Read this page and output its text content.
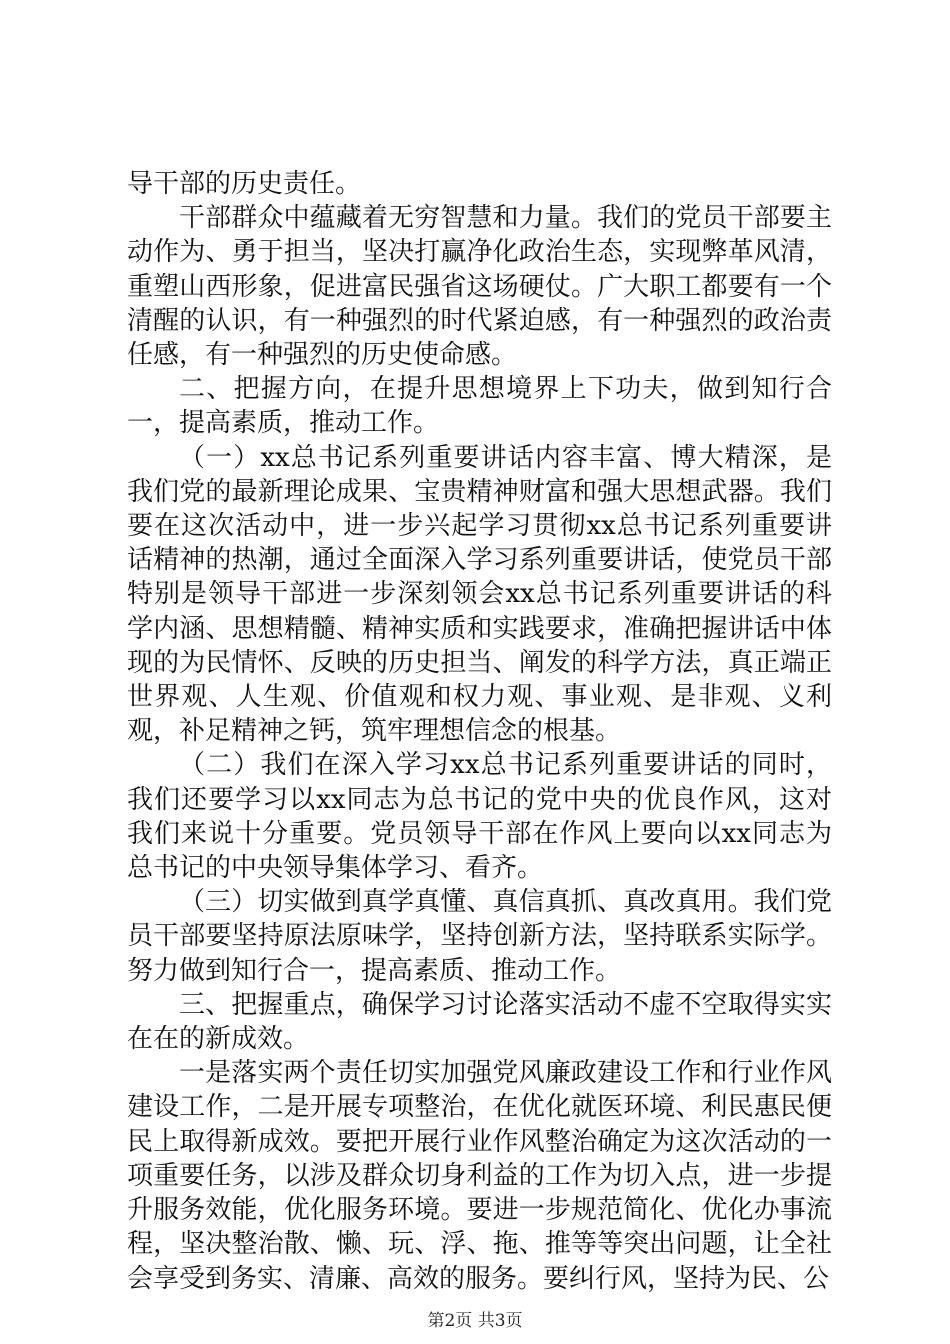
导干部的历史责任。

干部群众中蕴藏着无穷智慧和力量。我们的党员干部要主动作为、勇于担当，坚决打赢净化政治生态，实现弊革风清，重塑山西形象，促进富民强省这场硬仗。广大职工都要有一个清醒的认识，有一种强烈的时代紧迫感，有一种强烈的政治责任感，有一种强烈的历史使命感。

二、把握方向，在提升思想境界上下功夫，做到知行合一，提高素质，推动工作。

（一）xx总书记系列重要讲话内容丰富、博大精深，是我们党的最新理论成果、宝贵精神财富和强大思想武器。我们要在这次活动中，进一步兴起学习贯彻xx总书记系列重要讲话精神的热潮，通过全面深入学习系列重要讲话，使党员干部特别是领导干部进一步深刻领会xx总书记系列重要讲话的科学内涵、思想精髓、精神实质和实践要求，准确把握讲话中体现的为民情怀、反映的历史担当、阐发的科学方法，真正端正世界观、人生观、价值观和权力观、事业观、是非观、义利观，补足精神之钙，筑牢理想信念的根基。

（二）我们在深入学习xx总书记系列重要讲话的同时，我们还要学习以xx同志为总书记的党中央的优良作风，这对我们来说十分重要。党员领导干部在作风上要向以xx同志为总书记的中央领导集体学习、看齐。

（三）切实做到真学真懂、真信真抓、真改真用。我们党员干部要坚持原法原味学，坚持创新方法，坚持联系实际学。努力做到知行合一，提高素质、推动工作。

三、把握重点，确保学习讨论落实活动不虚不空取得实实在在的新成效。

一是落实两个责任切实加强党风廉政建设工作和行业作风建设工作，二是开展专项整治，在优化就医环境、利民惠民便民上取得新成效。要把开展行业作风整治确定为这次活动的一项重要任务，以涉及群众切身利益的工作为切入点，进一步提升服务效能，优化服务环境。要进一步规范简化、优化办事流程，坚决整治散、懒、玩、浮、拖、推等等突出问题，让全社会享受到务实、清廉、高效的服务。要纠行风，坚持为民、公

第2页 共3页
